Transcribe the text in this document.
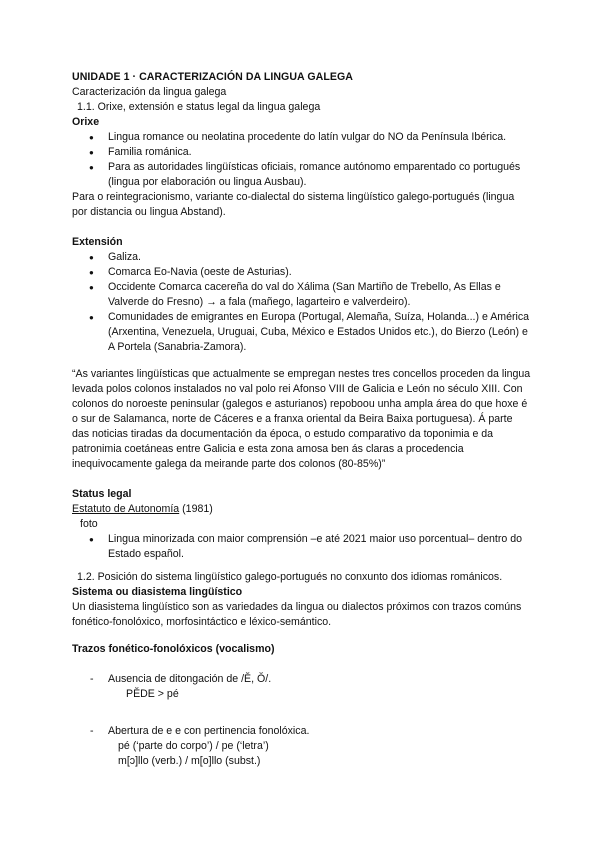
UNIDADE 1 · CARACTERIZACIÓN DA LINGUA GALEGA

Caracterización da lingua galega

1.1. Orixe, extensión e status legal da lingua galega

Orixe

● Lingua romance ou neolatina procedente do latín vulgar do NO da Península Ibérica.
● Familia románica.
● Para as autoridades lingüísticas oficiais, romance autónomo emparentado co portugués (lingua por elaboración ou lingua Ausbau).

Para o reintegracionismo, variante co-dialectal do sistema lingüístico galego-portugués (lingua por distancia ou lingua Abstand).

Extensión

● Galiza.
● Comarca Eo-Navia (oeste de Asturias).
● Occidente Comarca cacereña do val do Xálima (San Martiño de Trebello, As Ellas e Valverde do Fresno) → a fala (mañego, lagarteiro e valverdeiro).
● Comunidades de emigrantes en Europa (Portugal, Alemaña, Suíza, Holanda...) e América (Arxentina, Venezuela, Uruguai, Cuba, México e Estados Unidos etc.), do Bierzo (León) e A Portela (Sanabria-Zamora).

“As variantes lingüísticas que actualmente se empregan nestes tres concellos proceden da lingua levada polos colonos instalados no val polo rei Afonso VIII de Galicia e León no século XIII. Con colonos do noroeste peninsular (galegos e asturianos) repoboou unha ampla área do que hoxe é o sur de Salamanca, norte de Cáceres e a franxa oriental da Beira Baixa portuguesa). Á parte das noticias tiradas da documentación da época, o estudo comparativo da toponimia e da patronimia coetáneas entre Galicia e esta zona amosa ben ás claras a procedencia inequivocamente galega da meirande parte dos colonos (80-85%)”

Status legal

Estatuto de Autonomía (1981)

foto

● Lingua minorizada con maior comprensión –e até 2021 maior uso porcentual– dentro do Estado español.

1.2. Posición do sistema lingüístico galego-portugués no conxunto dos idiomas románicos.

Sistema ou diasistema lingüístico

Un diasistema lingüístico son as variedades da lingua ou dialectos próximos con trazos comúns fonético-fonolóxico, morfosintáctico e léxico-semántico.

Trazos fonético-fonolóxicos (vocalismo)

- Ausencia de ditongación de /Ĕ, Ŏ/.

PĔDE > pé

- Abertura de e e con pertinencia fonolóxica.

pé (‘parte do corpo’) / pe (‘letra’)

m[ɔ]llo (verb.) / m[o]llo (subst.)
